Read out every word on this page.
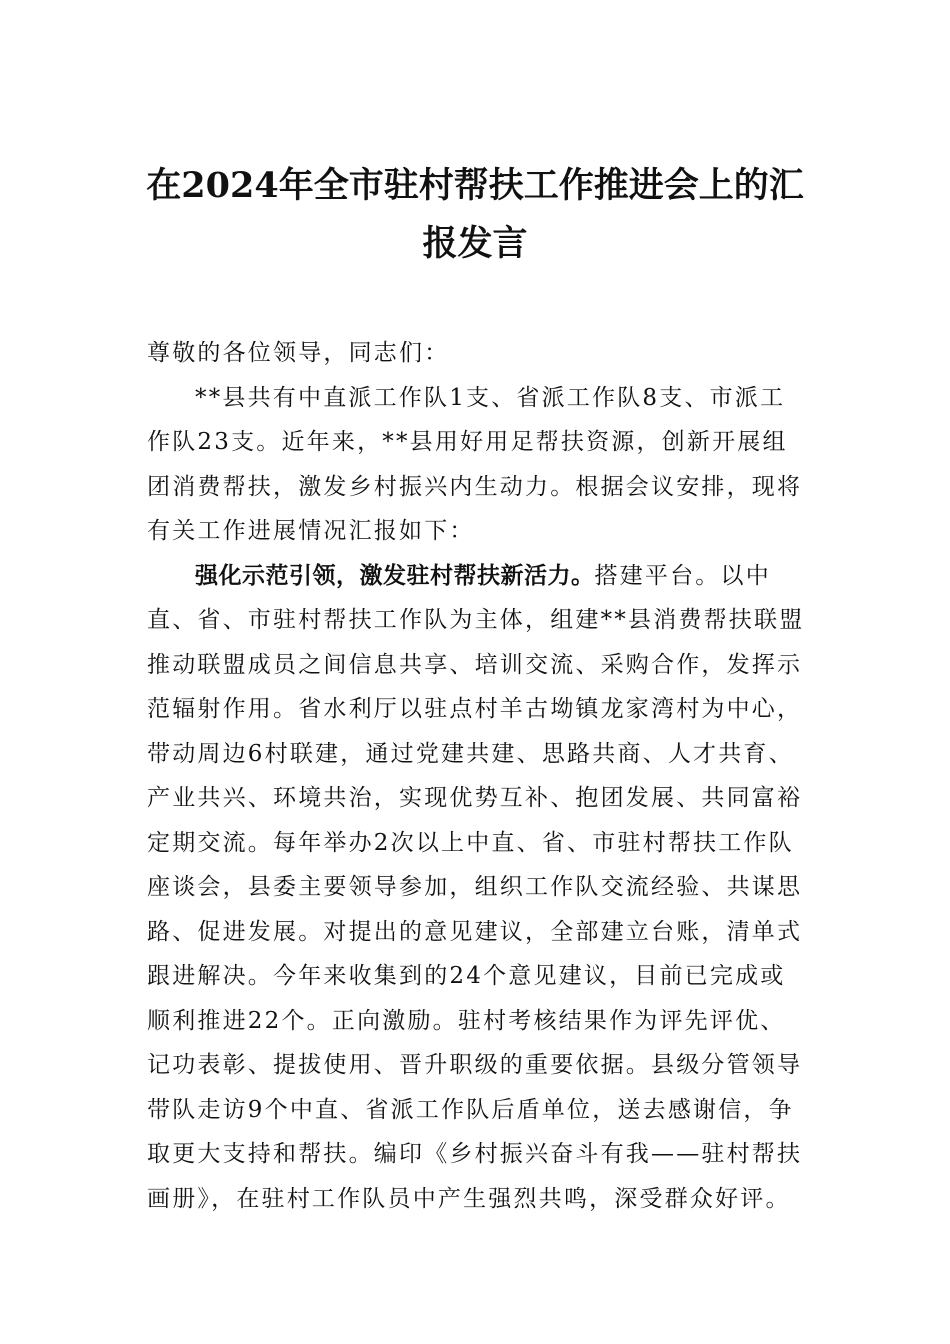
在2024年全市驻村帮扶工作推进会上的汇
报发言
尊敬的各位领导，同志们：
**县共有中直派工作队1支、省派工作队8支、市派工
作队23支。近年来，**县用好用足帮扶资源，创新开展组
团消费帮扶，激发乡村振兴内生动力。根据会议安排，现将
有关工作进展情况汇报如下：
强化示范引领，激发驻村帮扶新活力。搭建平台。以中
直、省、市驻村帮扶工作队为主体，组建**县消费帮扶联盟
推动联盟成员之间信息共享、培训交流、采购合作，发挥示
范辐射作用。省水利厅以驻点村羊古坳镇龙家湾村为中心，
带动周边6村联建，通过党建共建、思路共商、人才共育、
产业共兴、环境共治，实现优势互补、抱团发展、共同富裕
定期交流。每年举办2次以上中直、省、市驻村帮扶工作队
座谈会，县委主要领导参加，组织工作队交流经验、共谋思
路、促进发展。对提出的意见建议，全部建立台账，清单式
跟进解决。今年来收集到的24个意见建议，目前已完成或
顺利推进22个。正向激励。驻村考核结果作为评先评优、
记功表彰、提拔使用、晋升职级的重要依据。县级分管领导
带队走访9个中直、省派工作队后盾单位，送去感谢信，争
取更大支持和帮扶。编印《乡村振兴奋斗有我——驻村帮扶
画册》，在驻村工作队员中产生强烈共鸣，深受群众好评。
